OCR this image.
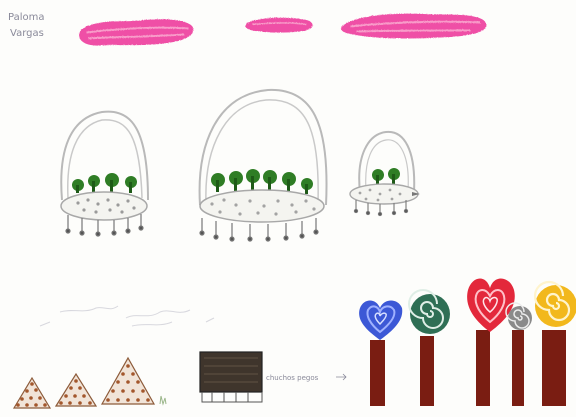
Paloma
Vargas
chuchos pegos
